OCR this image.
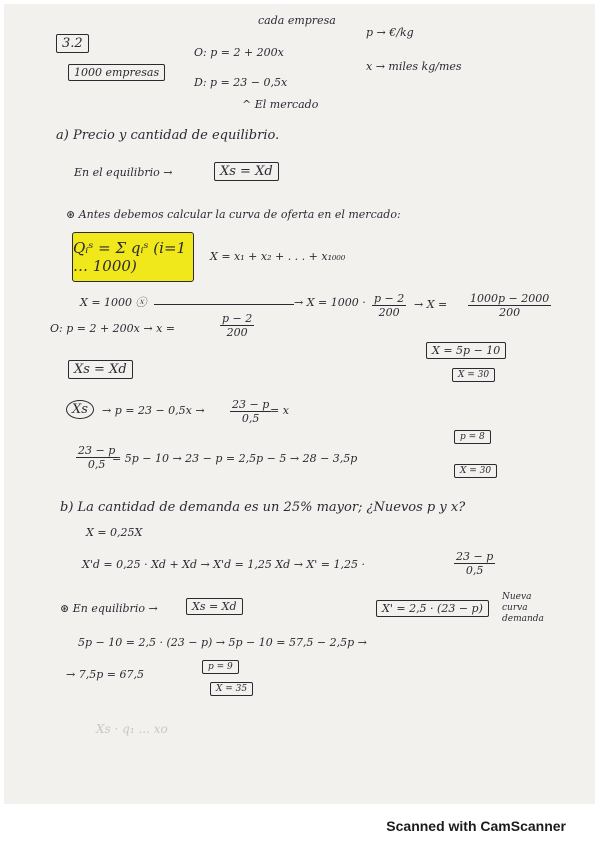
3.2
1000 empresas
cada empresa
O: p = 2 + 200x
D: p = 23 − 0,5x
^ El mercado
p → €/kg
x → miles kg/mes
a) Precio y cantidad de equilibrio.
En el equilibrio →	Xs = Xd
⊛ Antes debemos calcular la curva de oferta en el mercado:
Qᵢˢ = Σ qᵢˢ (i=1 … 1000)
X = x₁ + x₂ + . . . + x₁₀₀₀
X = 1000 ⓧ	→ $X = 1000 \cdot \frac{p - 2}{200} \to X = \frac{1000p - 2000}{200}$
O: p = 2 + 200x → x =	$\frac{p - 2}{200}$
X = 5p − 10
X = 30
Xs = Xd
Xs	→ $p = 23 - 0,5x \to \frac{23 - p}{0,5}$
= x
$\frac{23 - p}{0,5}$
= 5p − 10 → 23 − p = 2,5p − 5 → 28 − 3,5p
p = 8
X = 30
b) La cantidad de demanda es un 25% mayor; ¿Nuevos p y x?
X = 0,25X
X'd = 0,25 · Xd + Xd → X'd = 1,25 Xd → X' = 1,25 ·	$\frac{23 - p}{0,5}$
⊛ En equilibrio →	Xs = Xd	X' = 2,5 · (23 − p)
Nueva curva demanda
5p − 10 = 2,5 · (23 − p) → 5p − 10 = 57,5 − 2,5p →
→ 7,5p = 67,5
p = 9
X = 35
Xs · q₁ ... xo
Scanned with CamScanner
